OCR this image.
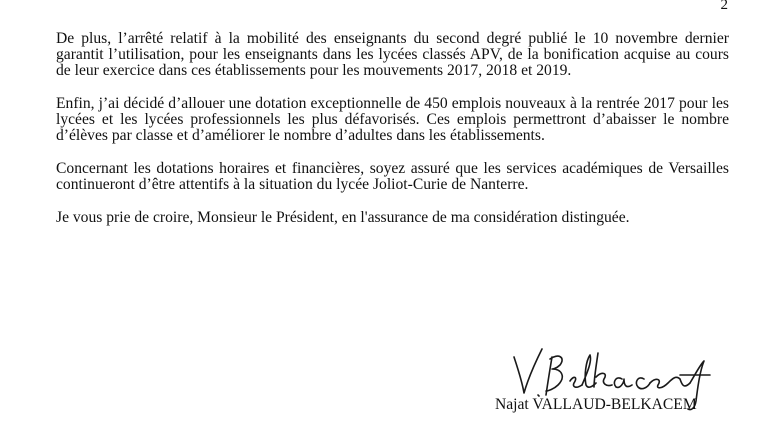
2

De plus, l’arrêté relatif à la mobilité des enseignants du second degré publié le 10 novembre dernier garantit l’utilisation, pour les enseignants dans les lycées classés APV, de la bonification acquise au cours de leur exercice dans ces établissements pour les mouvements 2017, 2018 et 2019.

Enfin, j’ai décidé d’allouer une dotation exceptionnelle de 450 emplois nouveaux à la rentrée 2017 pour les lycées et les lycées professionnels les plus défavorisés. Ces emplois permettront d’abaisser le nombre d’élèves par classe et d’améliorer le nombre d’adultes dans les établissements.

Concernant les dotations horaires et financières, soyez assuré que les services académiques de Versailles continueront d’être attentifs à la situation du lycée Joliot-Curie de Nanterre.

Je vous prie de croire, Monsieur le Président, en l'assurance de ma considération distinguée.

Najat VALLAUD-BELKACEM
